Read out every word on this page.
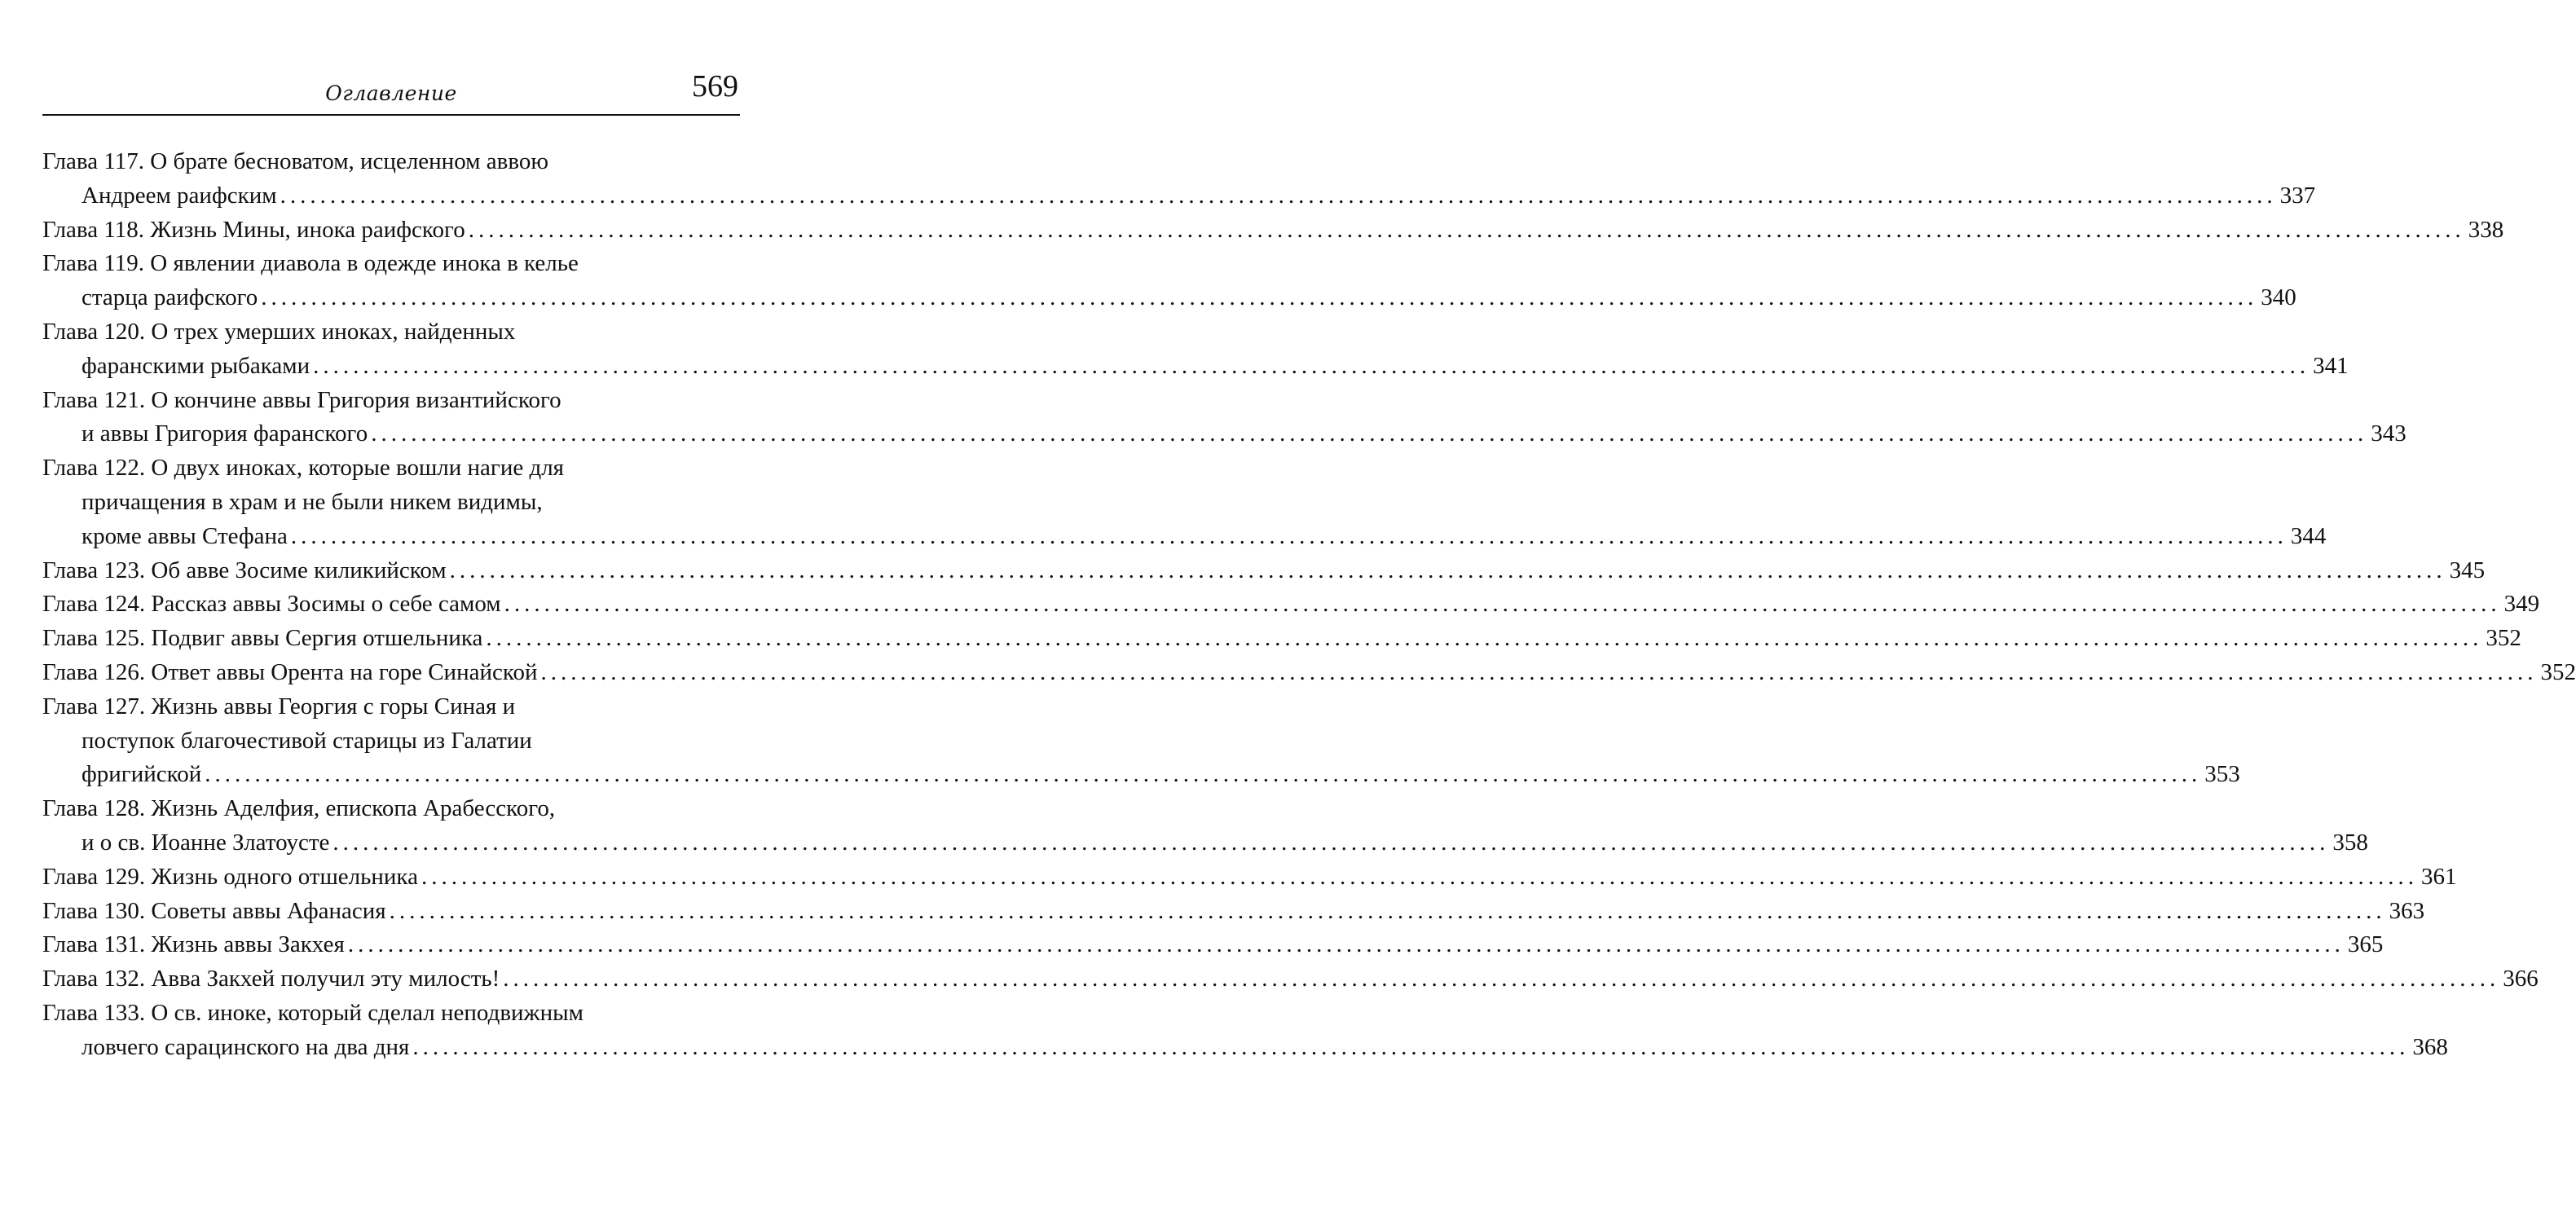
Оглавление	569
Глава 117. О брате бесноватом, исцеленном аввою
Андреем раифским ........................................................................................................................................................................................................ 337
Глава 118. Жизнь Мины, инока раифского ........................................................................................................................................................................................................ 338
Глава 119. О явлении диавола в одежде инока в келье
старца раифского ........................................................................................................................................................................................................ 340
Глава 120. О трех умерших иноках, найденных
фаранскими рыбаками ........................................................................................................................................................................................................ 341
Глава 121. О кончине аввы Григория византийского
и аввы Григория фаранского ........................................................................................................................................................................................................ 343
Глава 122. О двух иноках, которые вошли нагие для
причащения в храм и не были никем видимы,
кроме аввы Стефана ........................................................................................................................................................................................................ 344
Глава 123. Об авве Зосиме киликийском ........................................................................................................................................................................................................ 345
Глава 124. Рассказ аввы Зосимы о себе самом ........................................................................................................................................................................................................ 349
Глава 125. Подвиг аввы Сергия отшельника ........................................................................................................................................................................................................ 352
Глава 126. Ответ аввы Орента на горе Синайской ........................................................................................................................................................................................................ 352
Глава 127. Жизнь аввы Георгия с горы Синая и
поступок благочестивой старицы из Галатии
фригийской ........................................................................................................................................................................................................ 353
Глава 128. Жизнь Аделфия, епископа Арабесского,
и о св. Иоанне Златоусте ........................................................................................................................................................................................................ 358
Глава 129. Жизнь одного отшельника ........................................................................................................................................................................................................ 361
Глава 130. Советы аввы Афанасия ........................................................................................................................................................................................................ 363
Глава 131. Жизнь аввы Закхея ........................................................................................................................................................................................................ 365
Глава 132. Авва Закхей получил эту милость! ........................................................................................................................................................................................................ 366
Глава 133. О св. иноке, который сделал неподвижным
ловчего сарацинского на два дня ........................................................................................................................................................................................................ 368
